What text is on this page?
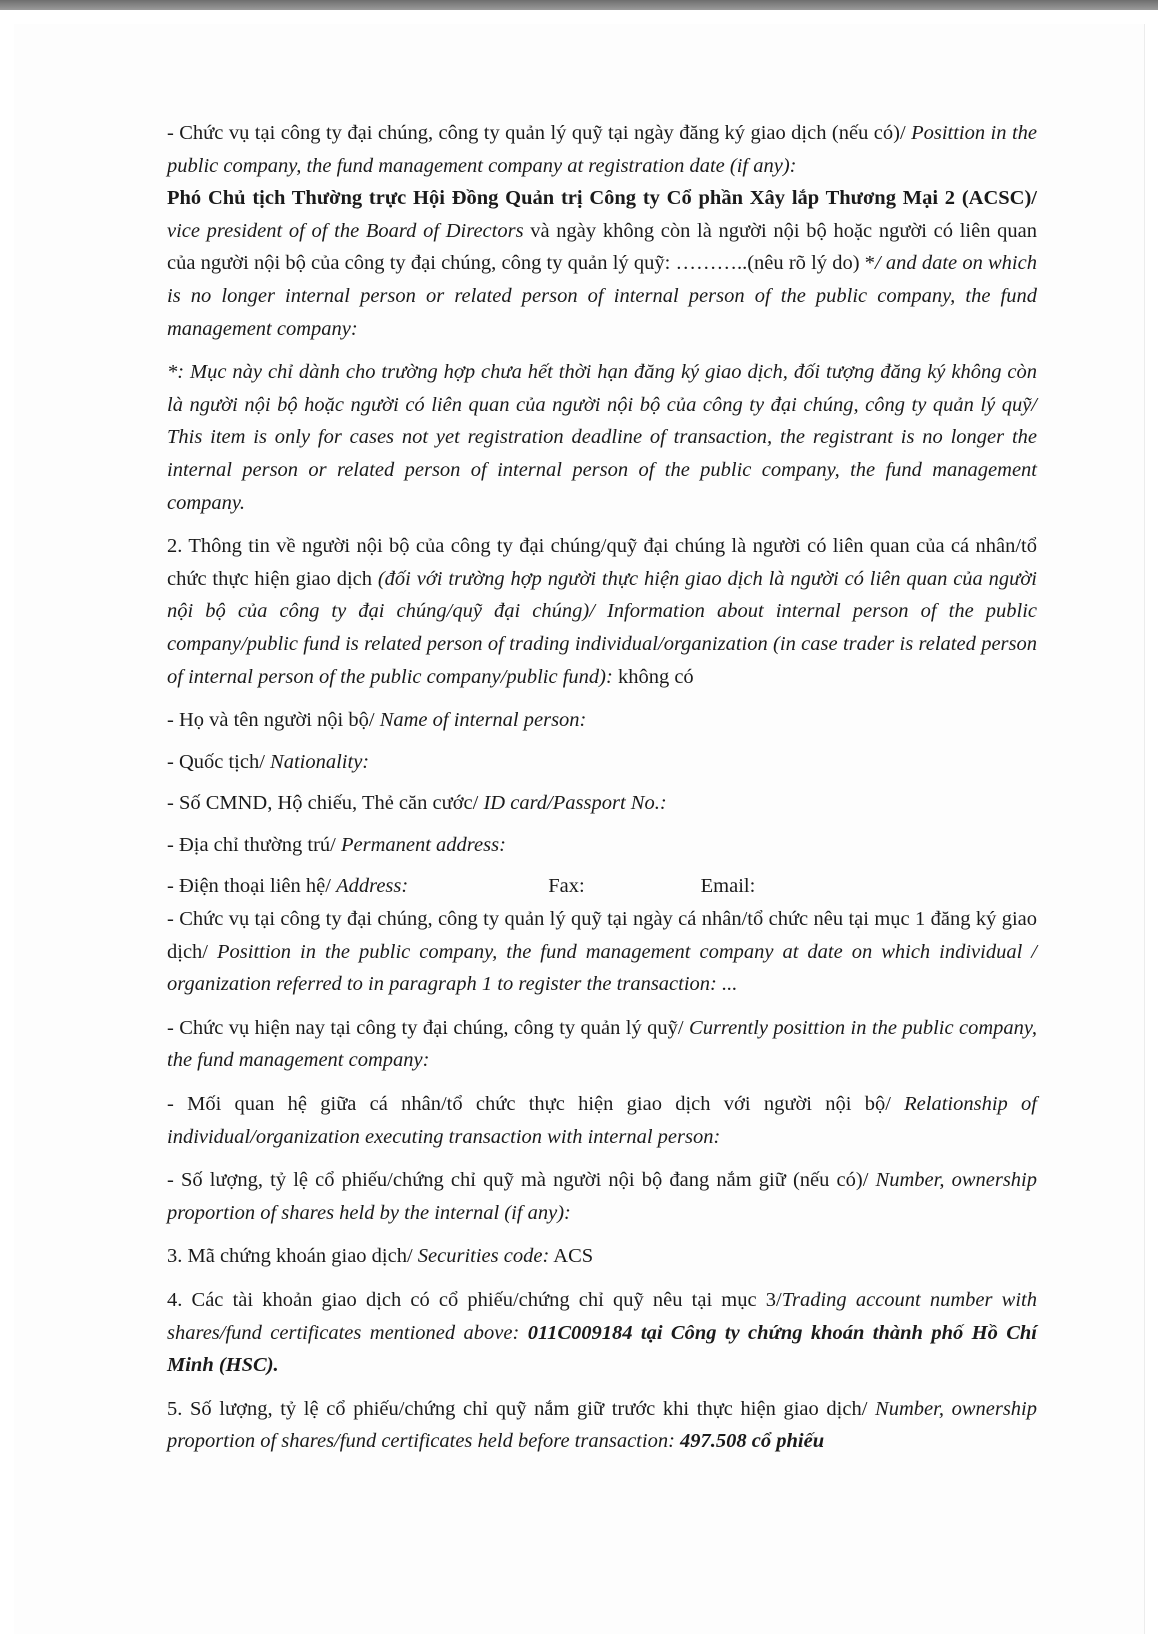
- Chức vụ tại công ty đại chúng, công ty quản lý quỹ tại ngày đăng ký giao dịch (nếu có)/ Posittion in the public company, the fund management company at registration date (if any):
Phó Chủ tịch Thường trực Hội Đồng Quản trị Công ty Cổ phần Xây lắp Thương Mại 2 (ACSC)/ vice president of of the Board of Directors và ngày không còn là người nội bộ hoặc người có liên quan của người nội bộ của công ty đại chúng, công ty quản lý quỹ: ………..(nêu rõ lý do) */ and date on which is no longer internal person or related person of internal person of the public company, the fund management company:

*: Mục này chỉ dành cho trường hợp chưa hết thời hạn đăng ký giao dịch, đối tượng đăng ký không còn là người nội bộ hoặc người có liên quan của người nội bộ của công ty đại chúng, công ty quản lý quỹ/ This item is only for cases not yet registration deadline of transaction, the registrant is no longer the internal person or related person of internal person of the public company, the fund management company.

2. Thông tin về người nội bộ của công ty đại chúng/quỹ đại chúng là người có liên quan của cá nhân/tổ chức thực hiện giao dịch (đối với trường hợp người thực hiện giao dịch là người có liên quan của người nội bộ của công ty đại chúng/quỹ đại chúng)/ Information about internal person of the public company/public fund is related person of trading individual/organization (in case trader is related person of internal person of the public company/public fund): không có

- Họ và tên người nội bộ/ Name of internal person:

- Quốc tịch/ Nationality:

- Số CMND, Hộ chiếu, Thẻ căn cước/ ID card/Passport No.:

- Địa chỉ thường trú/ Permanent address:

- Điện thoại liên hệ/ Address:	Fax:	Email:

- Chức vụ tại công ty đại chúng, công ty quản lý quỹ tại ngày cá nhân/tổ chức nêu tại mục 1 đăng ký giao dịch/ Posittion in the public company, the fund management company at date on which individual / organization referred to in paragraph 1 to register the transaction: ...

- Chức vụ hiện nay tại công ty đại chúng, công ty quản lý quỹ/ Currently posittion in the public company, the fund management company:

- Mối quan hệ giữa cá nhân/tổ chức thực hiện giao dịch với người nội bộ/ Relationship of individual/organization executing transaction with internal person:

- Số lượng, tỷ lệ cổ phiếu/chứng chỉ quỹ mà người nội bộ đang nắm giữ (nếu có)/ Number, ownership proportion of shares held by the internal (if any):

3. Mã chứng khoán giao dịch/ Securities code: ACS

4. Các tài khoản giao dịch có cổ phiếu/chứng chỉ quỹ nêu tại mục 3/Trading account number with shares/fund certificates mentioned above: 011C009184 tại Công ty chứng khoán thành phố Hồ Chí Minh (HSC).

5. Số lượng, tỷ lệ cổ phiếu/chứng chỉ quỹ nắm giữ trước khi thực hiện giao dịch/ Number, ownership proportion of shares/fund certificates held before transaction: 497.508 cổ phiếu
